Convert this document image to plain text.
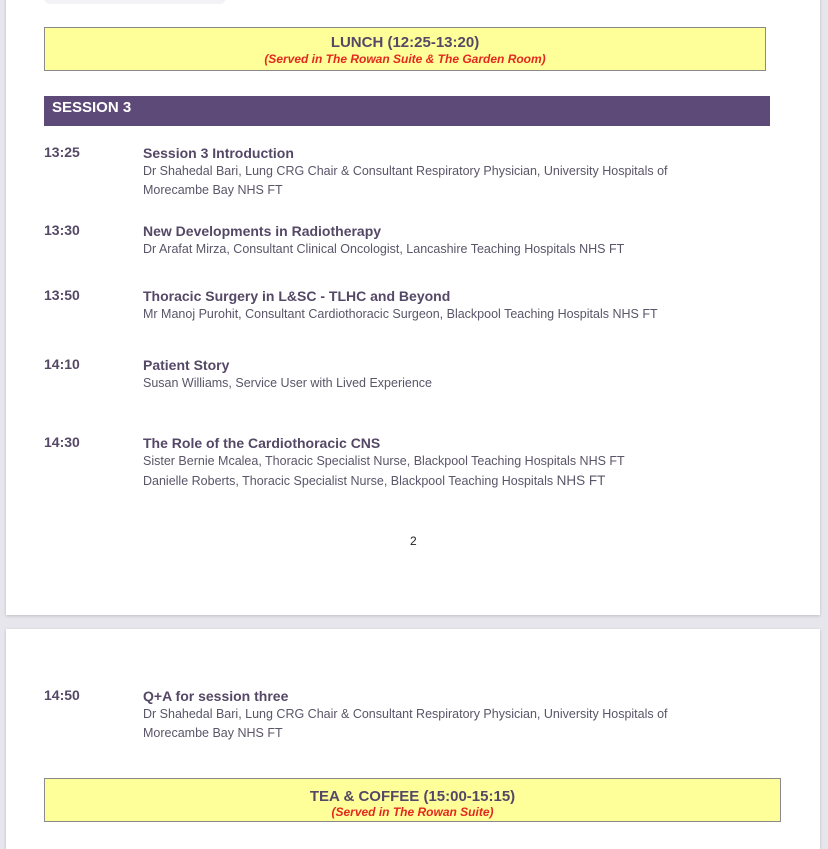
LUNCH (12:25-13:20)
(Served in The Rowan Suite & The Garden Room)
SESSION 3
13:25	Session 3 Introduction
Dr Shahedal Bari, Lung CRG Chair & Consultant Respiratory Physician, University Hospitals of
Morecambe Bay NHS FT
13:30	New Developments in Radiotherapy
Dr Arafat Mirza, Consultant Clinical Oncologist, Lancashire Teaching Hospitals NHS FT
13:50	Thoracic Surgery in L&SC - TLHC and Beyond
Mr Manoj Purohit, Consultant Cardiothoracic Surgeon, Blackpool Teaching Hospitals NHS FT
14:10	Patient Story
Susan Williams, Service User with Lived Experience
14:30	The Role of the Cardiothoracic CNS
Sister Bernie Mcalea, Thoracic Specialist Nurse, Blackpool Teaching Hospitals NHS FT
Danielle Roberts, Thoracic Specialist Nurse, Blackpool Teaching Hospitals NHS FT
2
14:50	Q+A for session three
Dr Shahedal Bari, Lung CRG Chair & Consultant Respiratory Physician, University Hospitals of
Morecambe Bay NHS FT
TEA & COFFEE (15:00-15:15)
(Served in The Rowan Suite)
